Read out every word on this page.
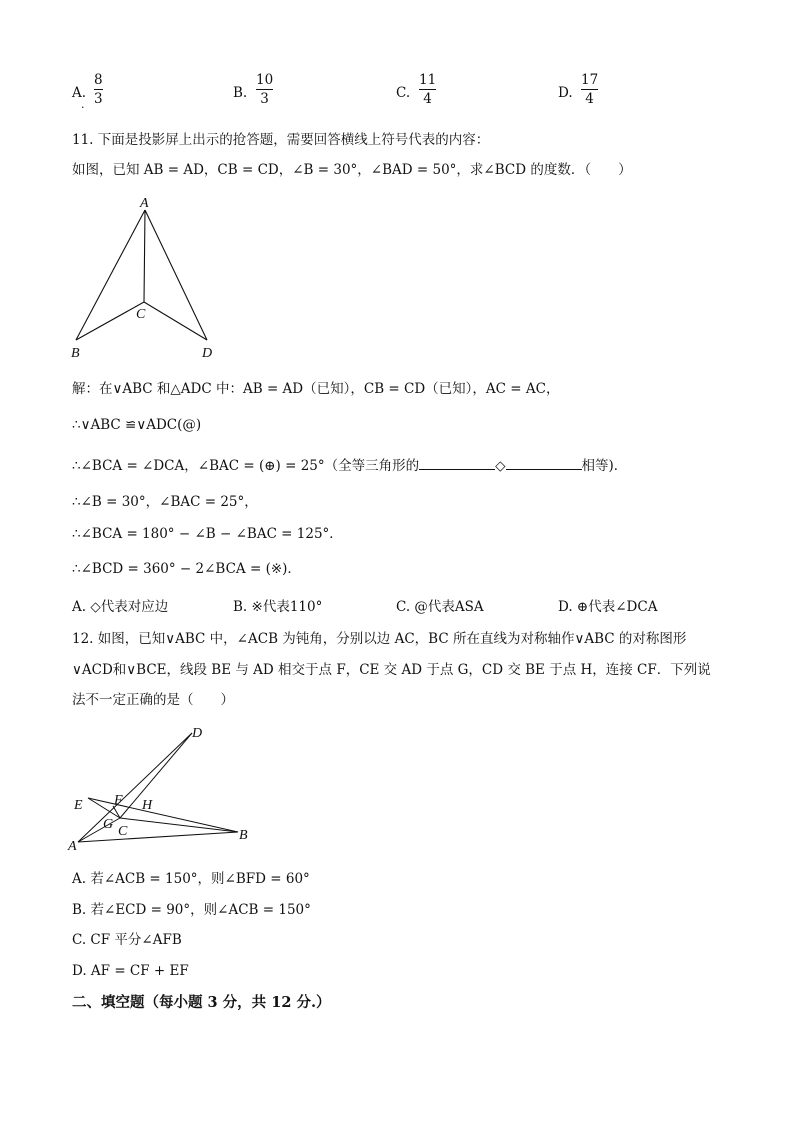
A.
8
3
.
B.
10
3	C.
11
4	D.
17
4
11. 下面是投影屏上出示的抢答题，需要回答横线上符号代表的内容：
如图，已知 AB = AD，CB = CD，∠B = 30°，∠BAD = 50°，求∠BCD 的度数．（　　）
A
C
B	D
解：在∨ABC 和△ADC 中：AB = AD（已知），CB = CD（已知），AC = AC，
∴∨ABC ≌∨ADC(@)
∴∠BCA = ∠DCA，∠BAC = (⊕) = 25°（全等三角形的	◇	相等)．
∴∠B = 30°，∠BAC = 25°，
∴∠BCA = 180° − ∠B − ∠BAC = 125°．
∴∠BCD = 360° − 2∠BCA = (※)．
A. ◇代表对应边	B. ※代表110°	C. @代表ASA	D. ⊕代表∠DCA
12. 如图，已知∨ABC 中，∠ACB 为钝角，分别以边 AC，BC 所在直线为对称轴作∨ABC 的对称图形
∨ACD和∨BCE，线段 BE 与 AD 相交于点 F，CE 交 AD 于点 G，CD 交 BE 于点 H，连接 CF．下列说
法不一定正确的是（　　）
D
E F H
G C
A
B
A. 若∠ACB = 150°，则∠BFD = 60°
B. 若∠ECD = 90°，则∠ACB = 150°
C. CF 平分∠AFB
D. AF = CF + EF
二、填空题（每小题 3 分，共 12 分.）
